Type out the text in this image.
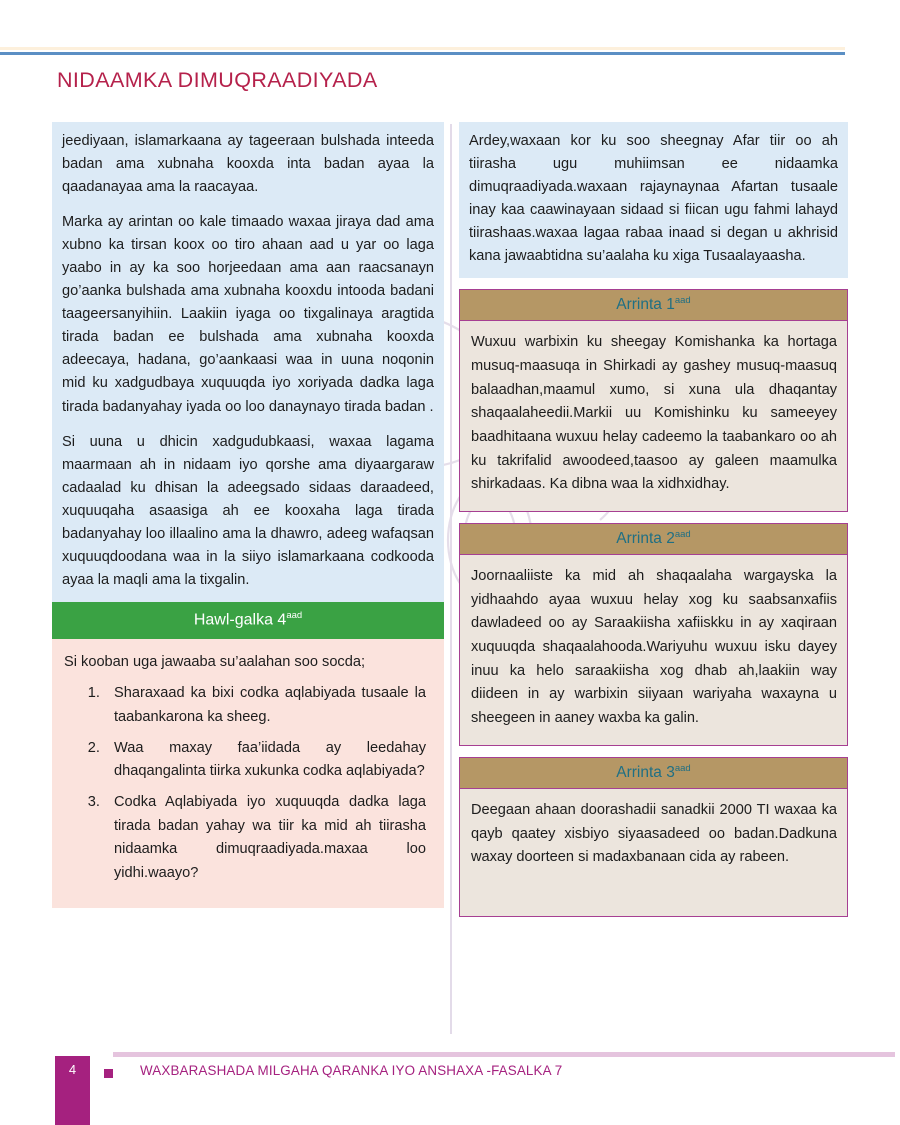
NIDAAMKA DIMUQRAADIYADA

jeediyaan, islamarkaana ay tageeraan bulshada inteeda badan ama xubnaha kooxda inta badan ayaa la qaadanayaa ama la raacayaa.

Marka ay arintan oo kale timaado waxaa jiraya dad ama xubno ka tirsan koox oo tiro ahaan aad u yar oo laga yaabo in ay ka soo horjeedaan ama aan raacsanayn go’aanka bulshada ama xubnaha kooxdu intooda badani taageersanyihiin. Laakiin iyaga oo tixgalinaya aragtida tirada badan ee bulshada ama xubnaha kooxda adeecaya, hadana, go’aankaasi waa in uuna noqonin mid ku xadgudbaya xuquuqda iyo xoriyada dadka laga tirada badanyahay iyada oo loo danaynayo tirada badan .

Si uuna u dhicin xadgudubkaasi, waxaa lagama maarmaan ah in nidaam iyo qorshe ama diyaargaraw cadaalad ku dhisan la adeegsado sidaas daraadeed, xuquuqaha asaasiga ah ee kooxaha laga tirada badanyahay loo illaalino ama la dhawro, adeeg wafaqsan xuquuqdoodana waa in la siiyo islamarkaana codkooda ayaa la maqli ama la tixgalin.

Hawl-galka $4^{aad}$

Si kooban uga jawaaba su’aalahan soo socda;

1. Sharaxaad ka bixi codka aqlabiyada tusaale la taabankarona ka sheeg.
2. Waa maxay faa’iidada ay leedahay dhaqangalinta tiirka xukunka codka aqlabiyada?
3. Codka Aqlabiyada iyo xuquuqda dadka laga tirada badan yahay wa tiir ka mid ah tiirasha nidaamka dimuqraadiyada.maxaa loo yidhi.waayo?

Ardey,waxaan kor ku soo sheegnay Afar tiir oo ah tiirasha ugu muhiimsan ee nidaamka dimuqraadiyada.waxaan rajaynaynaa Afartan tusaale inay kaa caawinayaan sidaad si fiican ugu fahmi lahayd tiirashaas.waxaa lagaa rabaa inaad si degan u akhrisid kana jawaabtidna su’aalaha ku xiga Tusaalayaasha.

Arrinta $1^{aad}$

Wuxuu warbixin ku sheegay Komishanka ka hortaga musuq-maasuqa in Shirkadi ay gashey musuq-maasuq balaadhan,maamul xumo, si xuna ula dhaqantay shaqaalaheedii.Markii uu Komishinku ku sameeyey baadhitaana wuxuu helay cadeemo la taabankaro oo ah ku takrifalid awoodeed,taasoo ay galeen maamulka shirkadaas. Ka dibna waa la xidhxidhay.

Arrinta $2^{aad}$

Joornaaliiste ka mid ah shaqaalaha wargayska la yidhaahdo ayaa wuxuu helay xog ku saabsanxafiis dawladeed oo ay Saraakiisha xafiiskku in ay xaqiraan xuquuqda shaqaalahooda.Wariyuhu wuxuu isku dayey inuu ka helo saraakiisha xog dhab ah,laakiin way diideen in ay warbixin siiyaan wariyaha waxayna u sheegeen in aaney waxba ka galin.

Arrinta $3^{aad}$

Deegaan ahaan doorashadii sanadkii 2000 TI waxaa ka qayb qaatey xisbiyo siyaasadeed oo badan.Dadkuna waxay doorteen si madaxbanaan cida ay rabeen.

4	WAXBARASHADA MILGAHA QARANKA IYO ANSHAXA -FASALKA 7
